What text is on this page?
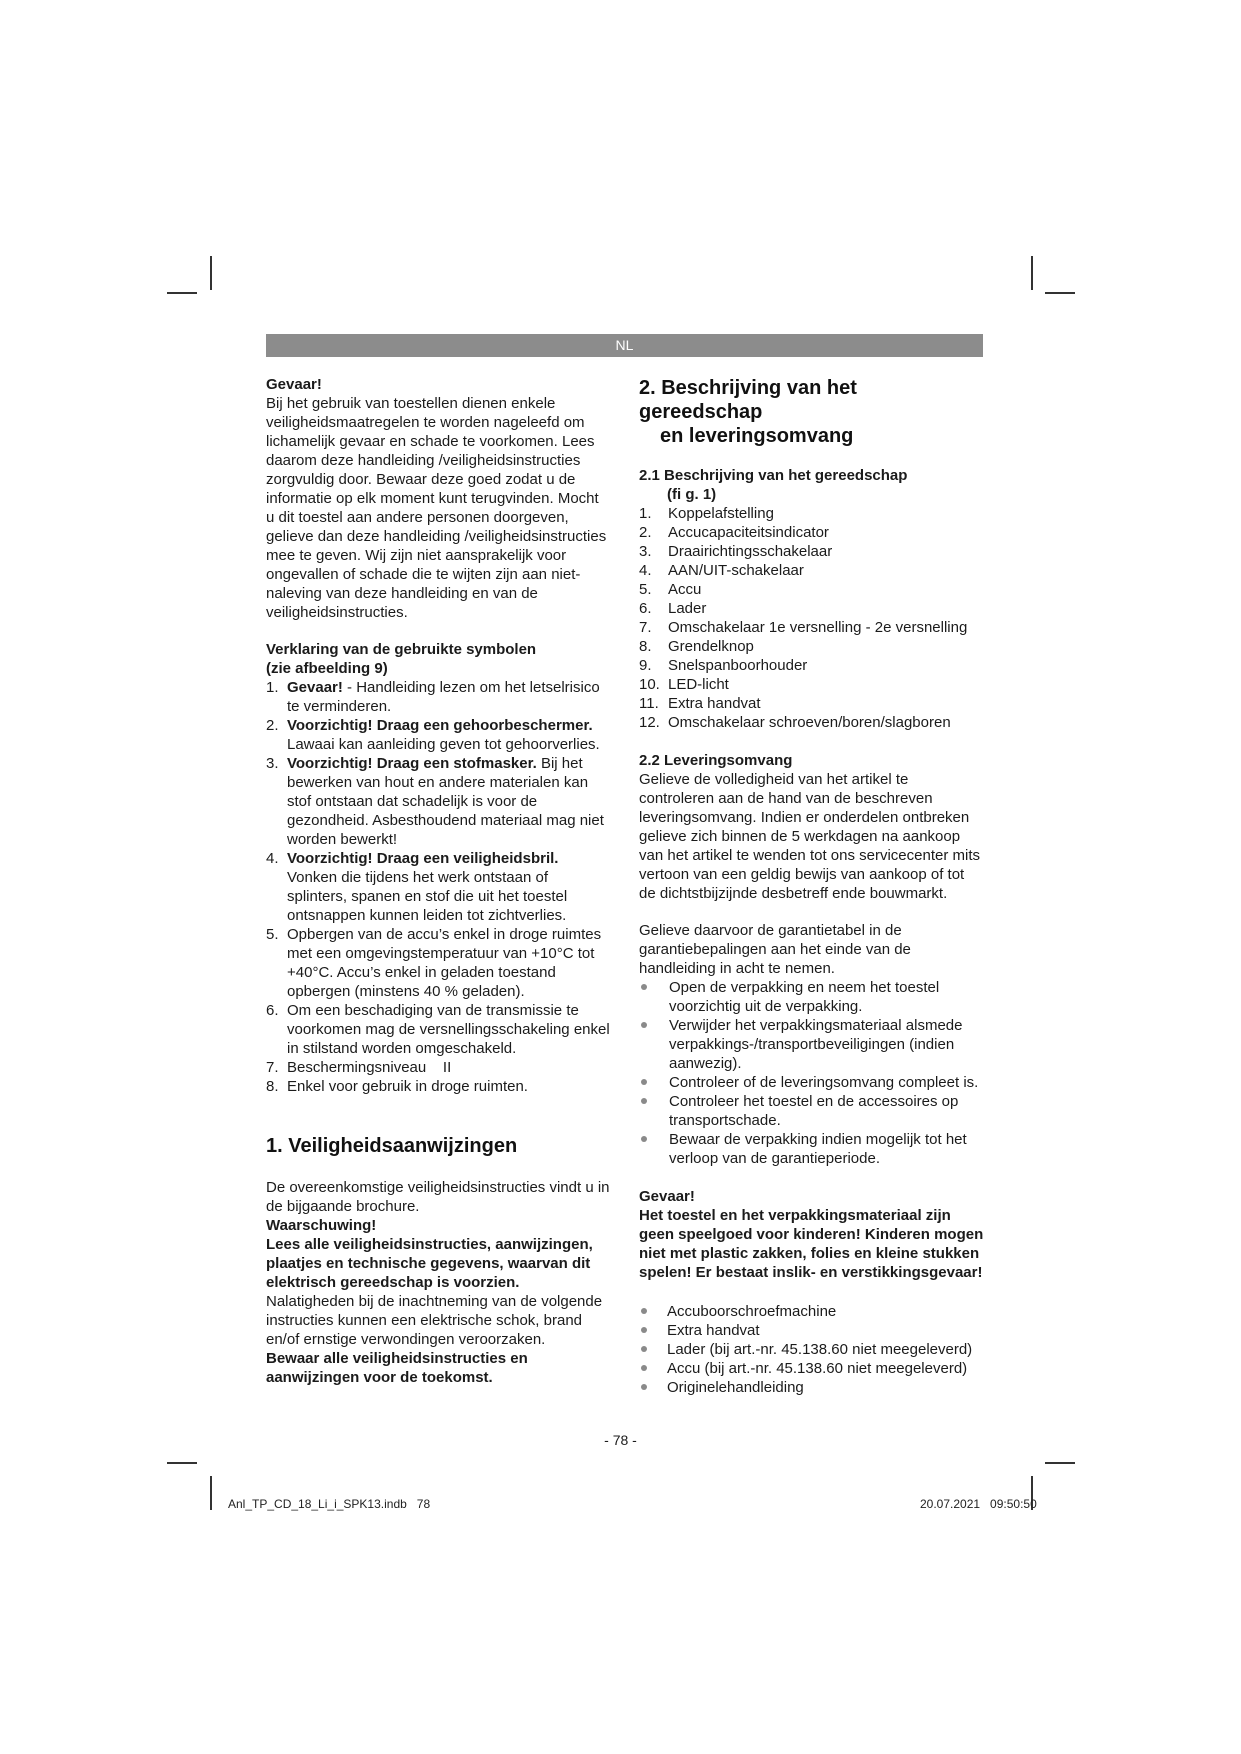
NL

Gevaar!

Bij het gebruik van toestellen dienen enkele veiligheidsmaatregelen te worden nageleefd om lichamelijk gevaar en schade te voorkomen. Lees daarom deze handleiding /veiligheidsinstructies zorgvuldig door. Bewaar deze goed zodat u de informatie op elk moment kunt terugvinden. Mocht u dit toestel aan andere personen doorgeven, gelieve dan deze handleiding /veiligheidsinstructies mee te geven. Wij zijn niet aansprakelijk voor ongevallen of schade die te wijten zijn aan niet-naleving van deze handleiding en van de veiligheidsinstructies.

Verklaring van de gebruikte symbolen

(zie afbeelding 9)

1. Gevaar! - Handleiding lezen om het letselrisico te verminderen.
2. Voorzichtig! Draag een gehoorbeschermer. Lawaai kan aanleiding geven tot gehoorverlies.
3. Voorzichtig! Draag een stofmasker. Bij het bewerken van hout en andere materialen kan stof ontstaan dat schadelijk is voor de gezondheid. Asbesthoudend materiaal mag niet worden bewerkt!
4. Voorzichtig! Draag een veiligheidsbril. Vonken die tijdens het werk ontstaan of splinters, spanen en stof die uit het toestel ontsnappen kunnen leiden tot zichtverlies.
5. Opbergen van de accu’s enkel in droge ruimtes met een omgevingstemperatuur van +10°C tot +40°C. Accu’s enkel in geladen toestand opbergen (minstens 40 % geladen).
6. Om een beschadiging van de transmissie te voorkomen mag de versnellingsschakeling enkel in stilstand worden omgeschakeld.
7. Beschermingsniveau    II
8. Enkel voor gebruik in droge ruimten.

1. Veiligheidsaanwijzingen

De overeenkomstige veiligheidsinstructies vindt u in de bijgaande brochure.

Waarschuwing!

Lees alle veiligheidsinstructies, aanwijzingen, plaatjes en technische gegevens, waarvan dit elektrisch gereedschap is voorzien.

Nalatigheden bij de inachtneming van de volgende instructies kunnen een elektrische schok, brand en/of ernstige verwondingen veroorzaken.

Bewaar alle veiligheidsinstructies en aanwijzingen voor de toekomst.

2. Beschrijving van het gereedschap

en leveringsomvang

2.1 Beschrijving van het gereedschap

(fi g. 1)

1. Koppelafstelling
2. Accucapaciteitsindicator
3. Draairichtingsschakelaar
4. AAN/UIT-schakelaar
5. Accu
6. Lader
7. Omschakelaar 1e versnelling - 2e versnelling
8. Grendelknop
9. Snelspanboorhouder
10. LED-licht
11. Extra handvat
12. Omschakelaar schroeven/boren/slagboren

2.2 Leveringsomvang

Gelieve de volledigheid van het artikel te controleren aan de hand van de beschreven leveringsomvang. Indien er onderdelen ontbreken gelieve zich binnen de 5 werkdagen na aankoop van het artikel te wenden tot ons servicecenter mits vertoon van een geldig bewijs van aankoop of tot de dichtstbijzijnde desbetreff ende bouwmarkt.

Gelieve daarvoor de garantietabel in de garantiebepalingen aan het einde van de handleiding in acht te nemen.

Open de verpakking en neem het toestel voorzichtig uit de verpakking.
Verwijder het verpakkingsmateriaal alsmede verpakkings-/transportbeveiligingen (indien aanwezig).
Controleer of de leveringsomvang compleet is.
Controleer het toestel en de accessoires op transportschade.
Bewaar de verpakking indien mogelijk tot het verloop van de garantieperiode.

Gevaar!

Het toestel en het verpakkingsmateriaal zijn geen speelgoed voor kinderen! Kinderen mogen niet met plastic zakken, folies en kleine stukken spelen! Er bestaat inslik- en verstikkingsgevaar!

Accuboorschroefmachine
Extra handvat
Lader (bij art.-nr. 45.138.60 niet meegeleverd)
Accu (bij art.-nr. 45.138.60 niet meegeleverd)
Originelehandleiding
- 78 -
Anl_TP_CD_18_Li_i_SPK13.indb   78	20.07.2021   09:50:50
